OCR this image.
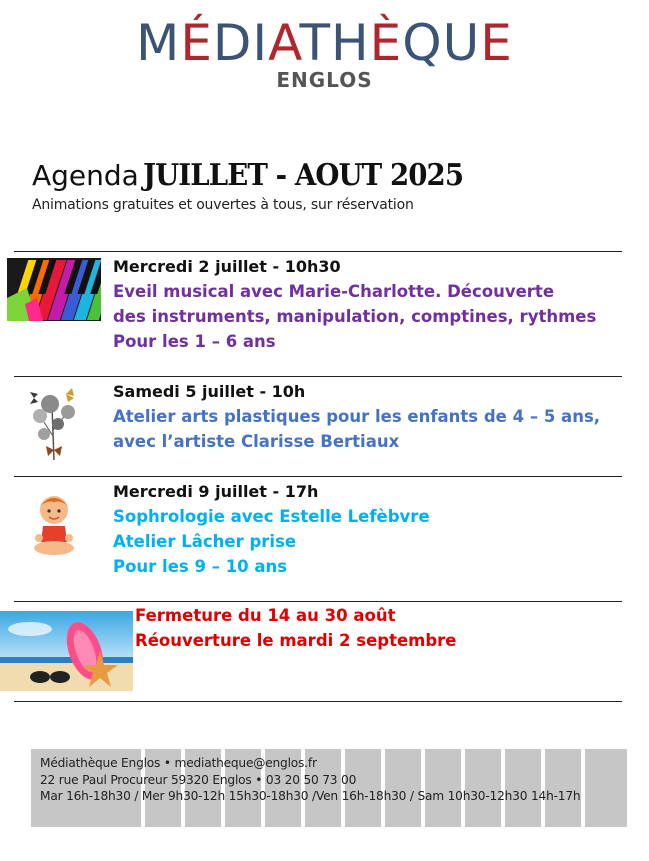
MÉDIATHÈQUE
ENGLOS
Agenda JUILLET - AOUT 2025
Animations gratuites et ouvertes à tous, sur réservation
Mercredi 2 juillet - 10h30
Eveil musical avec Marie-Charlotte. Découverte
des instruments, manipulation, comptines, rythmes
Pour les 1 – 6 ans
Samedi 5 juillet - 10h
Atelier arts plastiques pour les enfants de 4 – 5 ans,
avec l’artiste Clarisse Bertiaux
Mercredi 9 juillet - 17h
Sophrologie avec Estelle Lefèbvre
Atelier Lâcher prise
Pour les 9 – 10 ans
Fermeture du 14 au 30 août
Réouverture le mardi 2 septembre
Médiathèque Englos • mediatheque@englos.fr
22 rue Paul Procureur 59320 Englos • 03 20 50 73 00
Mar 16h-18h30 / Mer 9h30-12h 15h30-18h30 /Ven 16h-18h30 / Sam 10h30-12h30 14h-17h
